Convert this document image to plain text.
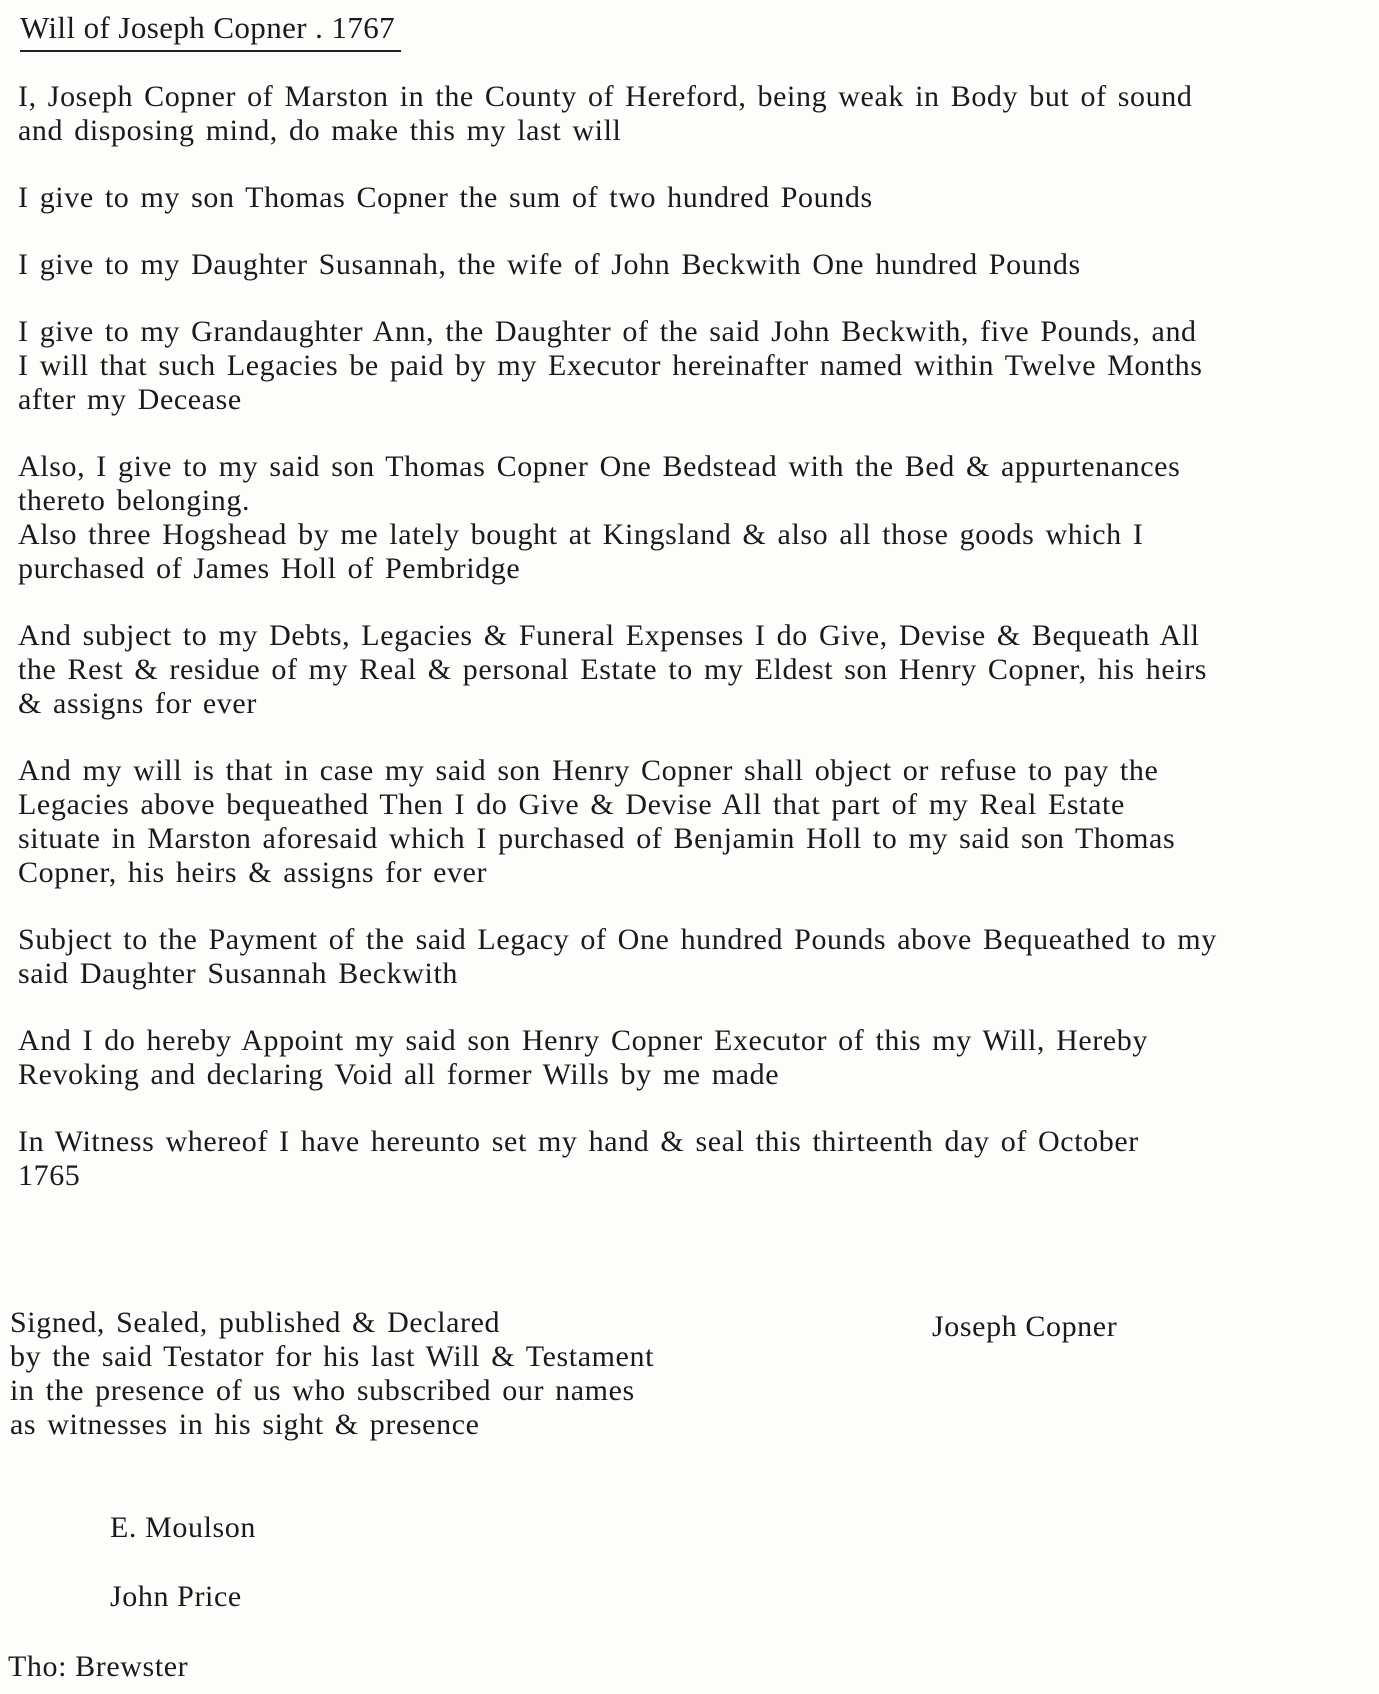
Will of Joseph Copner . 1767
I, Joseph Copner of Marston in the County of Hereford, being weak in Body but of sound
and disposing mind, do make this my last will
I give to my son Thomas Copner the sum of two hundred Pounds
I give to my Daughter Susannah, the wife of John Beckwith One hundred Pounds
I give to my Grandaughter Ann, the Daughter of the said John Beckwith, five Pounds, and
I will that such Legacies be paid by my Executor hereinafter named within Twelve Months
after my Decease
Also, I give to my said son Thomas Copner One Bedstead with the Bed & appurtenances
thereto belonging.
Also three Hogshead by me lately bought at Kingsland & also all those goods which I
purchased of James Holl of Pembridge
And subject to my Debts, Legacies & Funeral Expenses I do Give, Devise & Bequeath All
the Rest & residue of my Real & personal Estate to my Eldest son Henry Copner, his heirs
& assigns for ever
And my will is that in case my said son Henry Copner shall object or refuse to pay the
Legacies above bequeathed Then I do Give & Devise All that part of my Real Estate
situate in Marston aforesaid which I purchased of Benjamin Holl to my said son Thomas
Copner, his heirs & assigns for ever
Subject to the Payment of the said Legacy of One hundred Pounds above Bequeathed to my
said Daughter Susannah Beckwith
And I do hereby Appoint my said son Henry Copner Executor of this my Will, Hereby
Revoking and declaring Void all former Wills by me made
In Witness whereof I have hereunto set my hand & seal this thirteenth day of October
1765
Signed, Sealed, published & Declared
by the said Testator for his last Will & Testament
in the presence of us who subscribed our names
as witnesses in his sight & presence
Joseph Copner
E. Moulson
John Price
Tho: Brewster
